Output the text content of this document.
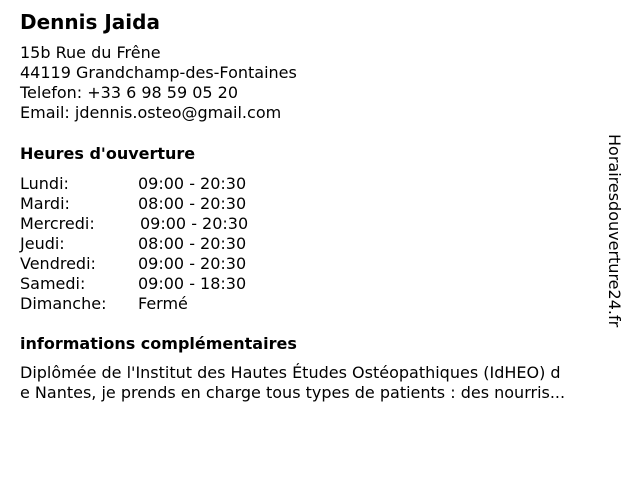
Dennis Jaida
15b Rue du Frêne
44119 Grandchamp-des-Fontaines
Telefon: +33 6 98 59 05 20
Email: jdennis.osteo@gmail.com
Heures d'ouverture
Lundi:	09:00 - 20:30
Mardi:	08:00 - 20:30
Mercredi:	09:00 - 20:30
Jeudi:	08:00 - 20:30
Vendredi:	09:00 - 20:30
Samedi:	09:00 - 18:30
Dimanche:	Fermé
informations complémentaires
Diplômée de l'Institut des Hautes Études Ostéopathiques (IdHEO) d
e Nantes, je prends en charge tous types de patients : des nourris...
Horairesdouverture24.fr
